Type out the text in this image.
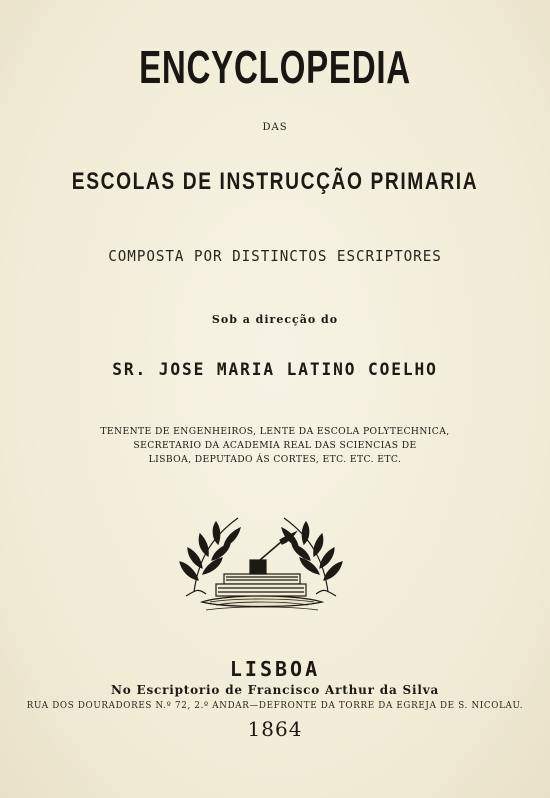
ENCYCLOPEDIA
DAS
ESCOLAS DE INSTRUCÇÃO PRIMARIA
COMPOSTA POR DISTINCTOS ESCRIPTORES
Sob a direcção do
SR. JOSE MARIA LATINO COELHO
TENENTE DE ENGENHEIROS, LENTE DA ESCOLA POLYTECHNICA,
SECRETARIO DA ACADEMIA REAL DAS SCIENCIAS DE
LISBOA, DEPUTADO ÁS CORTES, ETC. ETC. ETC.
LISBOA
No Escriptorio de Francisco Arthur da Silva
RUA DOS DOURADORES N.º 72, 2.º ANDAR—DEFRONTE DA TORRE DA EGREJA DE S. NICOLAU.
1864
